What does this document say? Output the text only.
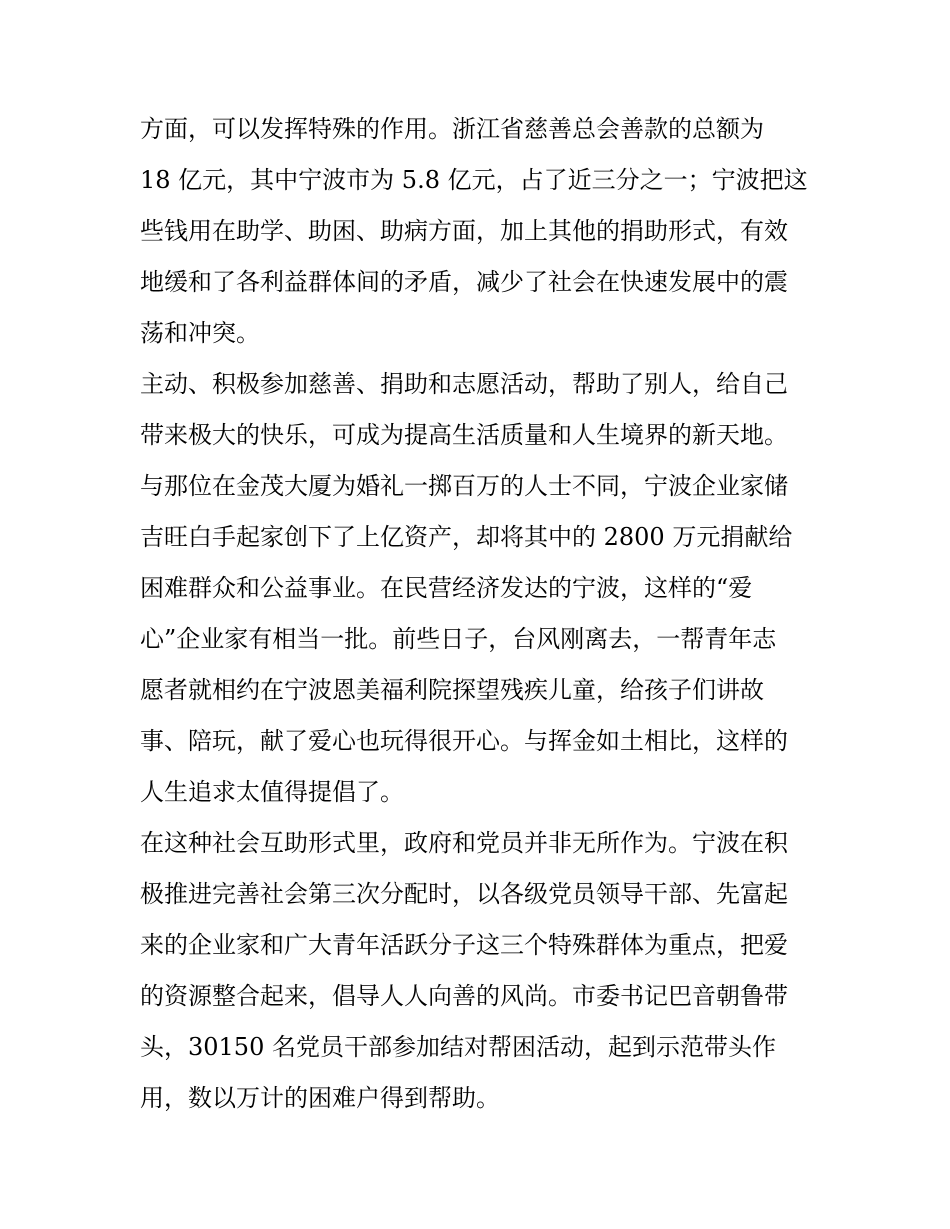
方面，可以发挥特殊的作用。浙江省慈善总会善款的总额为
18 亿元，其中宁波市为 5.8 亿元，占了近三分之一；宁波把这
些钱用在助学、助困、助病方面，加上其他的捐助形式，有效
地缓和了各利益群体间的矛盾，减少了社会在快速发展中的震
荡和冲突。
主动、积极参加慈善、捐助和志愿活动，帮助了别人，给自己
带来极大的快乐，可成为提高生活质量和人生境界的新天地。
与那位在金茂大厦为婚礼一掷百万的人士不同，宁波企业家储
吉旺白手起家创下了上亿资产，却将其中的 2800 万元捐献给
困难群众和公益事业。在民营经济发达的宁波，这样的“爱
心”企业家有相当一批。前些日子，台风刚离去，一帮青年志
愿者就相约在宁波恩美福利院探望残疾儿童，给孩子们讲故
事、陪玩，献了爱心也玩得很开心。与挥金如土相比，这样的
人生追求太值得提倡了。
在这种社会互助形式里，政府和党员并非无所作为。宁波在积
极推进完善社会第三次分配时，以各级党员领导干部、先富起
来的企业家和广大青年活跃分子这三个特殊群体为重点，把爱
的资源整合起来，倡导人人向善的风尚。市委书记巴音朝鲁带
头，30150 名党员干部参加结对帮困活动，起到示范带头作
用，数以万计的困难户得到帮助。
